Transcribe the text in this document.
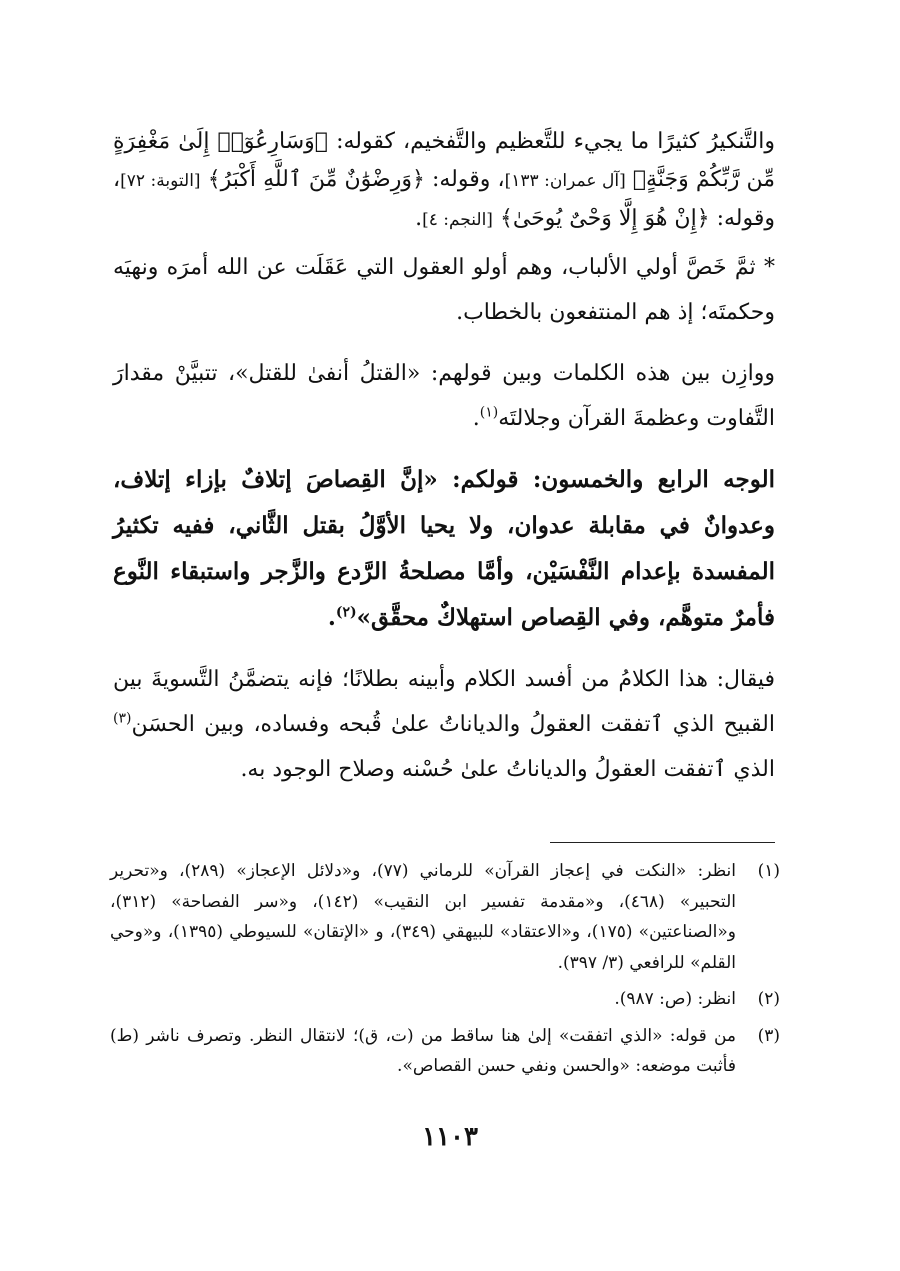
والتَّنكيرُ كثيرًا ما يجيء للتَّعظيم والتَّفخيم، كقوله: ﴿وَسَارِعُوٓا۟ إِلَىٰ مَغْفِرَةٍ مِّن رَّبِّكُمْ وَجَنَّةٍ﴾ [آل عمران: ١٣٣]، وقوله: ﴿وَرِضْوَٰنٌ مِّنَ ٱللَّهِ أَكْبَرُ﴾ [التوبة: ٧٢]، وقوله: ﴿إِنْ هُوَ إِلَّا وَحْىٌ يُوحَىٰ﴾ [النجم: ٤].

* ثمَّ خَصَّ أولي الألباب، وهم أولو العقول التي عَقَلَت عن الله أمرَه ونهيَه وحكمتَه؛ إذ هم المنتفعون بالخطاب.

ووازِن بين هذه الكلمات وبين قولهم: «القتلُ أنفىٰ للقتل»، تتبيَّنْ مقدارَ التَّفاوت وعظمةَ القرآن وجلالتَه$^{(١)}$.

الوجه الرابع والخمسون: قولكم: «إنَّ القِصاصَ إتلافٌ بإزاء إتلاف، وعدوانٌ في مقابلة عدوان، ولا يحيا الأوَّلُ بقتل الثَّاني، ففيه تكثيرُ المفسدة بإعدام النَّفْسَيْن، وأمَّا مصلحةُ الرَّدع والزَّجر واستبقاء النَّوع فأمرٌ متوهَّم، وفي القِصاص استهلاكٌ محقَّق»$^{(٢)}$.

فيقال: هذا الكلامُ من أفسد الكلام وأبينه بطلانًا؛ فإنه يتضمَّنُ التَّسويةَ بين القبيح الذي ٱتفقت العقولُ والدياناتُ علىٰ قُبحه وفساده، وبين الحسَن$^{(٣)}$ الذي ٱتفقت العقولُ والدياناتُ علىٰ حُسْنه وصلاح الوجود به.

(١)
انظر: «النكت في إعجاز القرآن» للرماني (٧٧)، و«دلائل الإعجاز» (٢٨٩)، و«تحرير التحبير» (٤٦٨)، و«مقدمة تفسير ابن النقيب» (١٤٢)، و«سر الفصاحة» (٣١٢)، و«الصناعتين» (١٧٥)، و«الاعتقاد» للبيهقي (٣٤٩)، و «الإتقان» للسيوطي (١٣٩٥)، و«وحي القلم» للرافعي (٣/ ٣٩٧).
(٢)
انظر: (ص: ٩٨٧).
(٣)
من قوله: «الذي اتفقت» إلىٰ هنا ساقط من (ت، ق)؛ لانتقال النظر. وتصرف ناشر (ط) فأثبت موضعه: «والحسن ونفي حسن القصاص».
١١٠٣
